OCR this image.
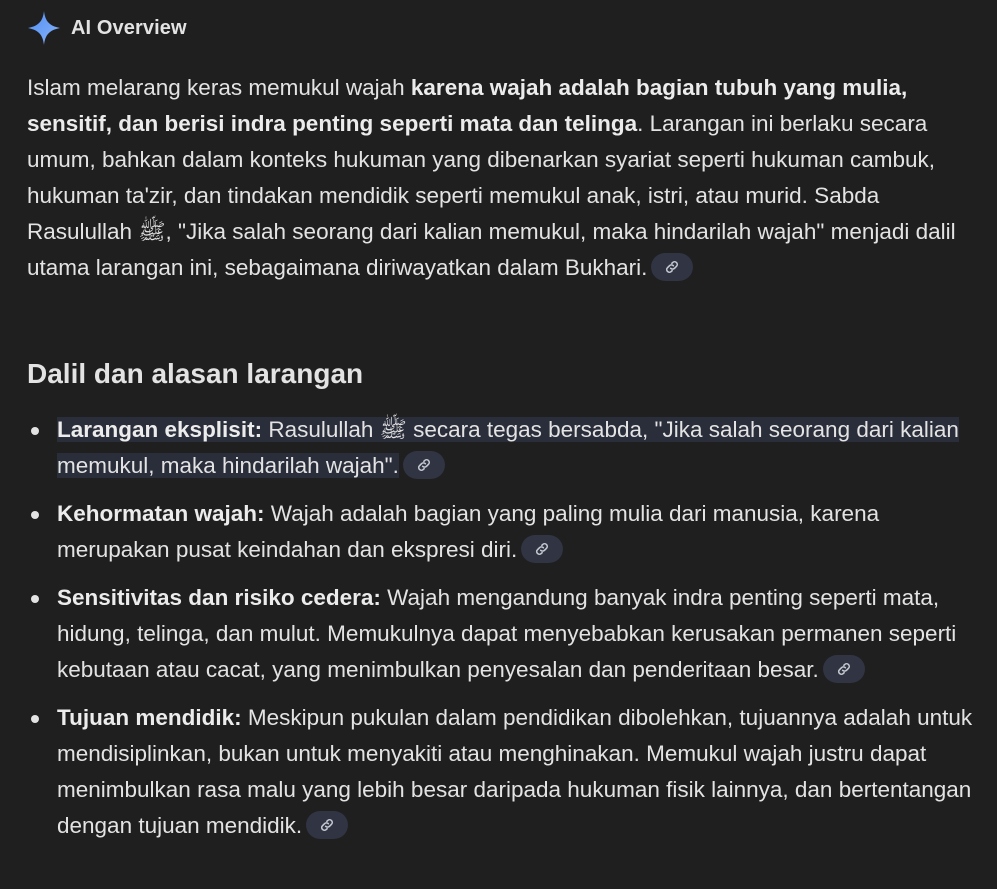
AI Overview

Islam melarang keras memukul wajah karena wajah adalah bagian tubuh yang mulia, sensitif, dan berisi indra penting seperti mata dan telinga. Larangan ini berlaku secara umum, bahkan dalam konteks hukuman yang dibenarkan syariat seperti hukuman cambuk, hukuman ta'zir, dan tindakan mendidik seperti memukul anak, istri, atau murid. Sabda Rasulullah ﷺ, "Jika salah seorang dari kalian memukul, maka hindarilah wajah" menjadi dalil utama larangan ini, sebagaimana diriwayatkan dalam Bukhari.

Dalil dan alasan larangan
Larangan eksplisit: Rasulullah ﷺ secara tegas bersabda, "Jika salah seorang dari kalian memukul, maka hindarilah wajah".
Kehormatan wajah: Wajah adalah bagian yang paling mulia dari manusia, karena merupakan pusat keindahan dan ekspresi diri.
Sensitivitas dan risiko cedera: Wajah mengandung banyak indra penting seperti mata, hidung, telinga, dan mulut. Memukulnya dapat menyebabkan kerusakan permanen seperti kebutaan atau cacat, yang menimbulkan penyesalan dan penderitaan besar.
Tujuan mendidik: Meskipun pukulan dalam pendidikan dibolehkan, tujuannya adalah untuk mendisiplinkan, bukan untuk menyakiti atau menghinakan. Memukul wajah justru dapat menimbulkan rasa malu yang lebih besar daripada hukuman fisik lainnya, dan bertentangan dengan tujuan mendidik.
